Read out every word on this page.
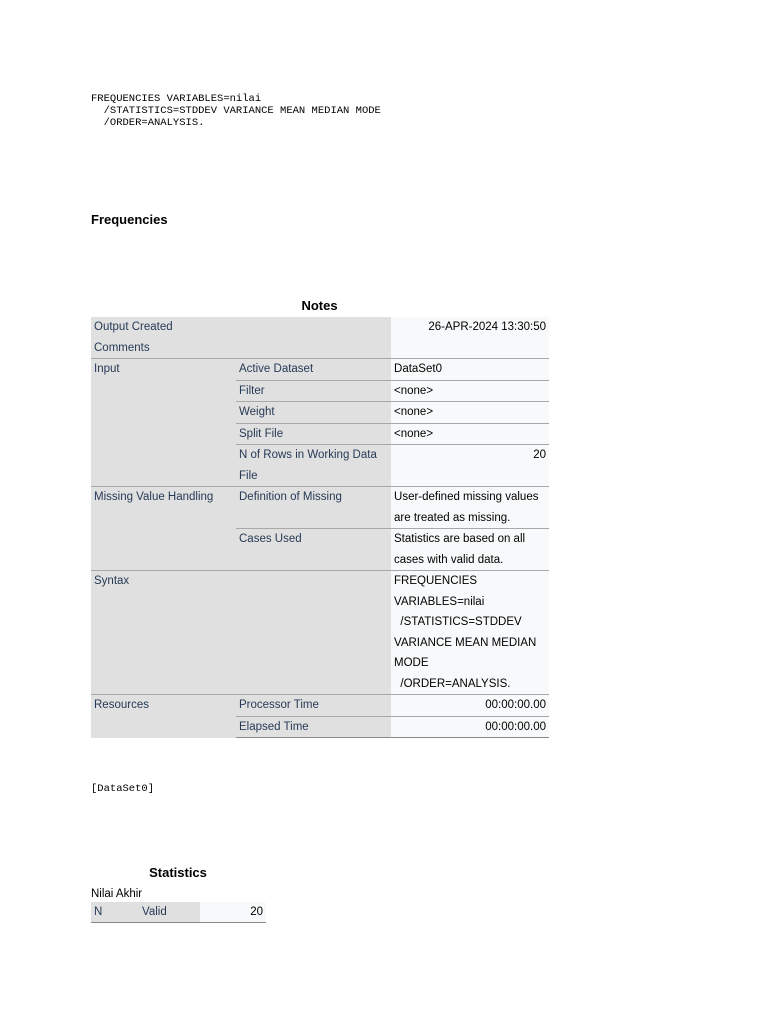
FREQUENCIES VARIABLES=nilai
/STATISTICS=STDDEV VARIANCE MEAN MEDIAN MODE
/ORDER=ANALYSIS.
Frequencies
Notes
Output Created		26-APR-2024 13:30:50
Comments		
Input	Active Dataset	DataSet0
	Filter	<none>
	Weight	<none>
	Split File	<none>
	N of Rows in Working Data File	20
Missing Value Handling	Definition of Missing	User-defined missing values are treated as missing.
	Cases Used	Statistics are based on all cases with valid data.
Syntax		FREQUENCIES VARIABLES=nilai
/STATISTICS=STDDEV VARIANCE MEAN MEDIAN MODE
/ORDER=ANALYSIS.
Resources	Processor Time	00:00:00.00
	Elapsed Time	00:00:00.00
[DataSet0]
Statistics
Nilai Akhir
N	Valid	20
